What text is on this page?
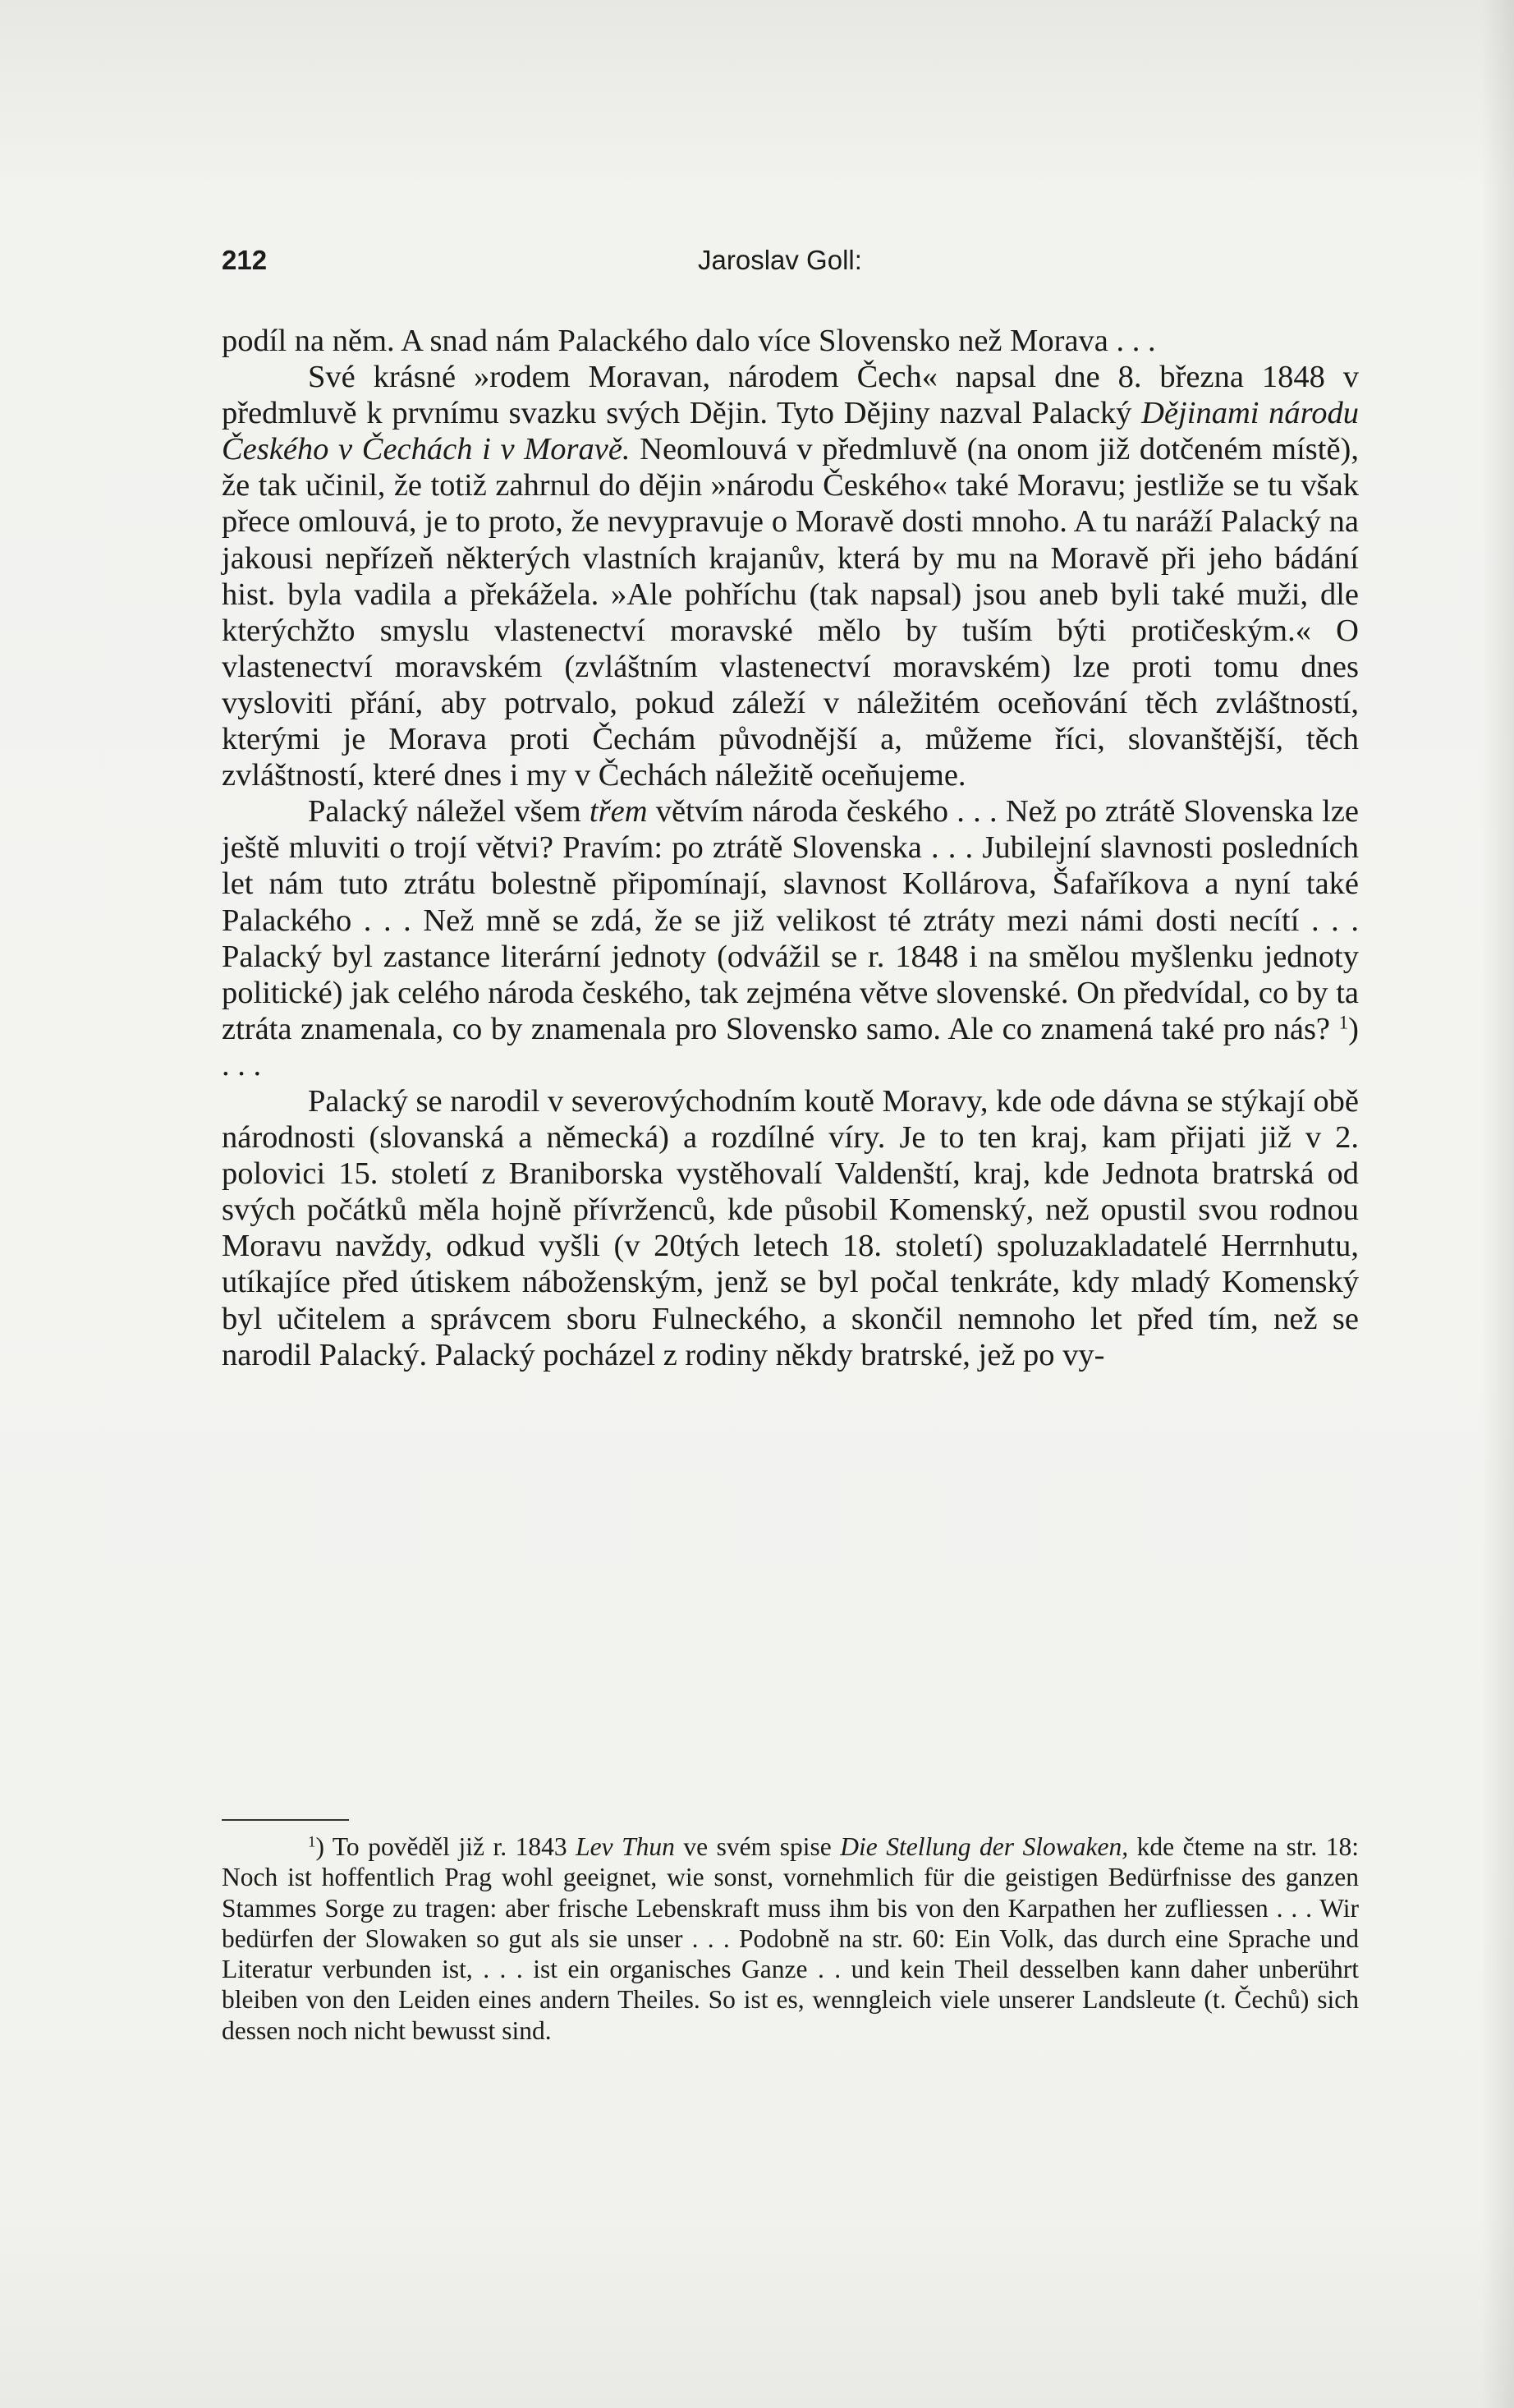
212	Jaroslav Goll:

podíl na něm. A snad nám Palackého dalo více Slovensko než Morava . . .

Své krásné »rodem Moravan, národem Čech« napsal dne 8. března 1848 v předmluvě k prvnímu svazku svých Dějin. Tyto Dějiny nazval Palacký Dějinami národu Českého v Čechách i v Moravě. Neomlouvá v předmluvě (na onom již dotčeném místě), že tak učinil, že totiž zahrnul do dějin »národu Českého« také Moravu; jestliže se tu však přece omlouvá, je to proto, že nevypravuje o Moravě dosti mnoho. A tu naráží Palacký na jakousi nepřízeň některých vlastních krajanův, která by mu na Moravě při jeho bádání hist. byla vadila a překážela. »Ale pohříchu (tak napsal) jsou aneb byli také muži, dle kterýchžto smyslu vlastenectví moravské mělo by tuším býti protičeským.« O vlastenectví moravském (zvláštním vlastenectví moravském) lze proti tomu dnes vysloviti přání, aby potrvalo, pokud záleží v náležitém oceňování těch zvláštností, kterými je Morava proti Čechám původnější a, můžeme říci, slovanštější, těch zvláštností, které dnes i my v Čechách náležitě oceňujeme.

Palacký náležel všem třem větvím národa českého . . . Než po ztrátě Slovenska lze ještě mluviti o trojí větvi? Pravím: po ztrátě Slovenska . . . Jubilejní slavnosti posledních let nám tuto ztrátu bolestně připomínají, slavnost Kollárova, Šafaříkova a nyní také Palackého . . . Než mně se zdá, že se již velikost té ztráty mezi námi dosti necítí . . . Palacký byl zastance literární jednoty (odvážil se r. 1848 i na smělou myšlenku jednoty politické) jak celého národa českého, tak zejména větve slovenské. On předvídal, co by ta ztráta znamenala, co by znamenala pro Slovensko samo. Ale co znamená také pro nás? $^1$) . . .

Palacký se narodil v severovýchodním koutě Moravy, kde ode dávna se stýkají obě národnosti (slovanská a německá) a rozdílné víry. Je to ten kraj, kam přijati již v 2. polovici 15. století z Braniborska vystěhovalí Valdenští, kraj, kde Jednota bratrská od svých počátků měla hojně přívrženců, kde působil Komenský, než opustil svou rodnou Moravu navždy, odkud vyšli (v 20tých letech 18. století) spoluzakladatelé Herrnhutu, utíkajíce před útiskem náboženským, jenž se byl počal tenkráte, kdy mladý Komenský byl učitelem a správcem sboru Fulneckého, a skončil nemnoho let před tím, než se narodil Palacký. Palacký pocházel z rodiny někdy bratrské, jež po vy-

$^1$) To pověděl již r. 1843 Lev Thun ve svém spise Die Stellung der Slowaken, kde čteme na str. 18: Noch ist hoffentlich Prag wohl geeignet, wie sonst, vornehmlich für die geistigen Bedürfnisse des ganzen Stammes Sorge zu tragen: aber frische Lebenskraft muss ihm bis von den Karpathen her zufliessen . . . Wir bedürfen der Slowaken so gut als sie unser . . . Podobně na str. 60: Ein Volk, das durch eine Sprache und Literatur verbunden ist, . . . ist ein organisches Ganze . . und kein Theil desselben kann daher unberührt bleiben von den Leiden eines andern Theiles. So ist es, wenngleich viele unserer Landsleute (t. Čechů) sich dessen noch nicht bewusst sind.
